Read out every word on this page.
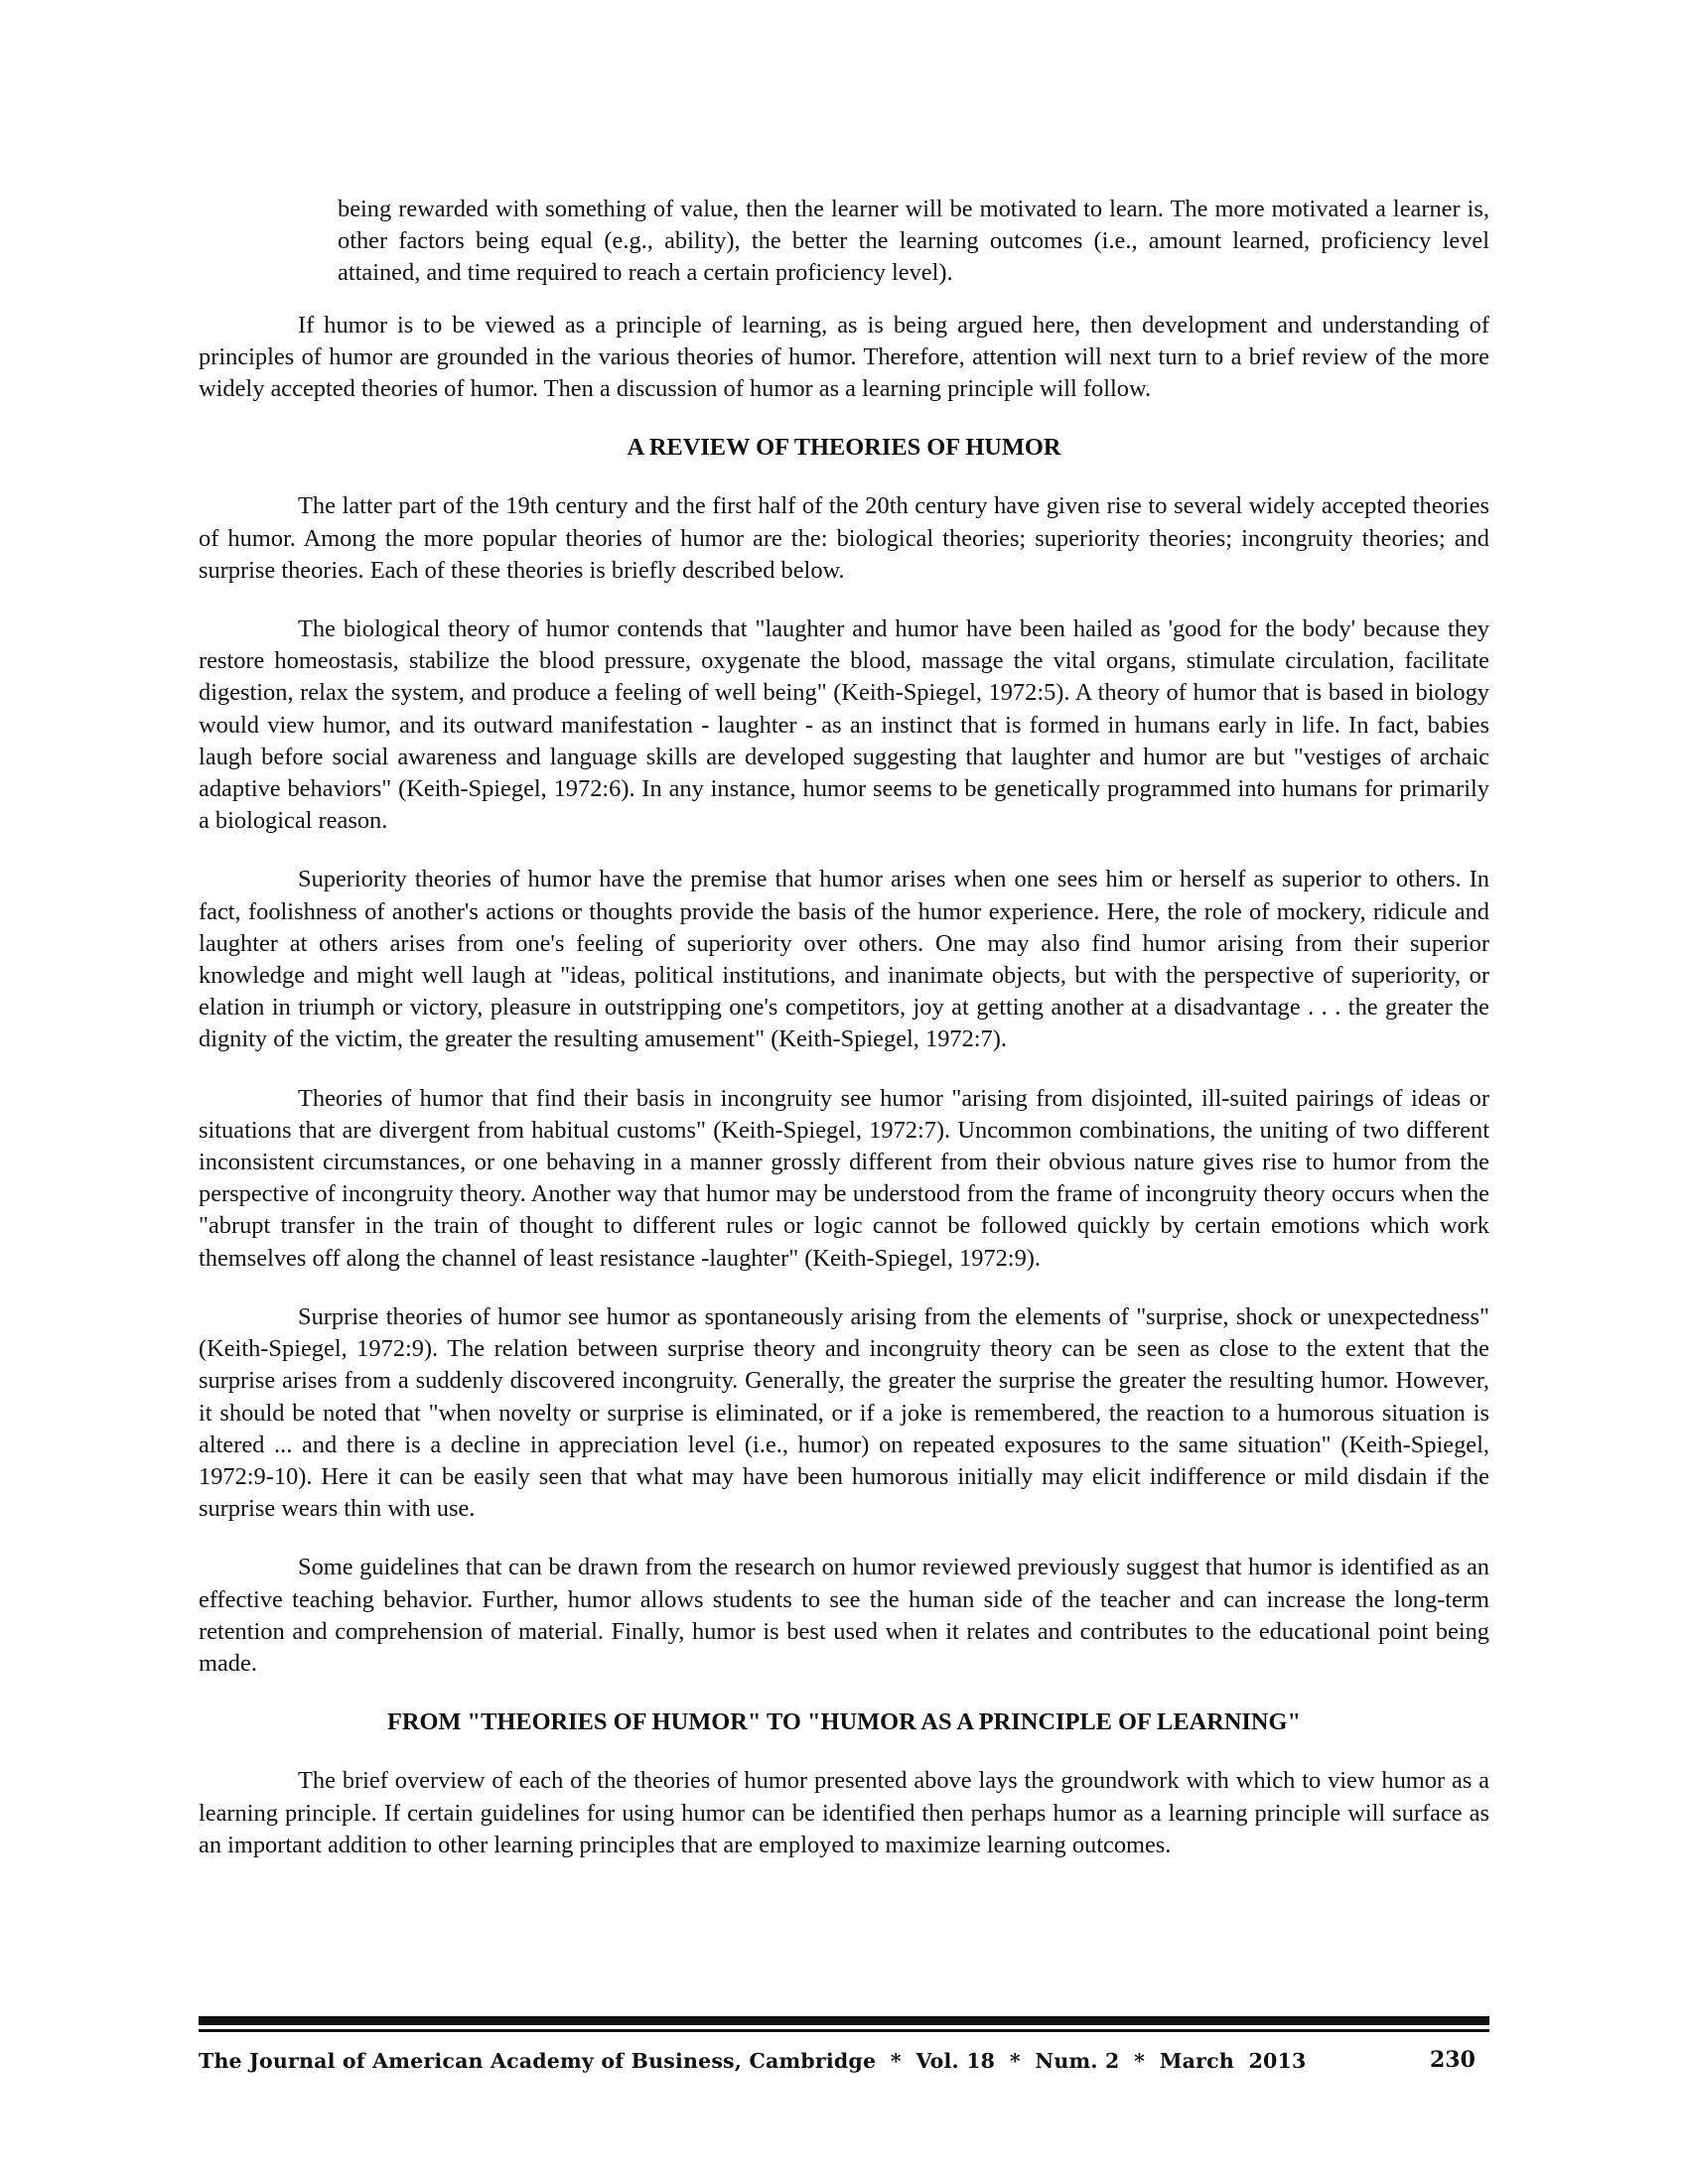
being rewarded with something of value, then the learner will be motivated to learn. The more motivated a learner is, other factors being equal (e.g., ability), the better the learning outcomes (i.e., amount learned, proficiency level attained, and time required to reach a certain proficiency level).

If humor is to be viewed as a principle of learning, as is being argued here, then development and understanding of principles of humor are grounded in the various theories of humor. Therefore, attention will next turn to a brief review of the more widely accepted theories of humor. Then a discussion of humor as a learning principle will follow.

A REVIEW OF THEORIES OF HUMOR

The latter part of the 19th century and the first half of the 20th century have given rise to several widely accepted theories of humor. Among the more popular theories of humor are the: biological theories; superiority theories; incongruity theories; and surprise theories. Each of these theories is briefly described below.

The biological theory of humor contends that "laughter and humor have been hailed as 'good for the body' because they restore homeostasis, stabilize the blood pressure, oxygenate the blood, massage the vital organs, stimulate circulation, facilitate digestion, relax the system, and produce a feeling of well being" (Keith-Spiegel, 1972:5). A theory of humor that is based in biology would view humor, and its outward manifestation - laughter - as an instinct that is formed in humans early in life. In fact, babies laugh before social awareness and language skills are developed suggesting that laughter and humor are but "vestiges of archaic adaptive behaviors" (Keith-Spiegel, 1972:6). In any instance, humor seems to be genetically programmed into humans for primarily a biological reason.

Superiority theories of humor have the premise that humor arises when one sees him or herself as superior to others. In fact, foolishness of another's actions or thoughts provide the basis of the humor experience. Here, the role of mockery, ridicule and laughter at others arises from one's feeling of superiority over others. One may also find humor arising from their superior knowledge and might well laugh at "ideas, political institutions, and inanimate objects, but with the perspective of superiority, or elation in triumph or victory, pleasure in outstripping one's competitors, joy at getting another at a disadvantage . . . the greater the dignity of the victim, the greater the resulting amusement" (Keith-Spiegel, 1972:7).

Theories of humor that find their basis in incongruity see humor "arising from disjointed, ill-suited pairings of ideas or situations that are divergent from habitual customs" (Keith-Spiegel, 1972:7). Uncommon combinations, the uniting of two different inconsistent circumstances, or one behaving in a manner grossly different from their obvious nature gives rise to humor from the perspective of incongruity theory. Another way that humor may be understood from the frame of incongruity theory occurs when the "abrupt transfer in the train of thought to different rules or logic cannot be followed quickly by certain emotions which work themselves off along the channel of least resistance -laughter" (Keith-Spiegel, 1972:9).

Surprise theories of humor see humor as spontaneously arising from the elements of "surprise, shock or unexpectedness" (Keith-Spiegel, 1972:9). The relation between surprise theory and incongruity theory can be seen as close to the extent that the surprise arises from a suddenly discovered incongruity. Generally, the greater the surprise the greater the resulting humor. However, it should be noted that "when novelty or surprise is eliminated, or if a joke is remembered, the reaction to a humorous situation is altered ... and there is a decline in appreciation level (i.e., humor) on repeated exposures to the same situation" (Keith-Spiegel, 1972:9-10). Here it can be easily seen that what may have been humorous initially may elicit indifference or mild disdain if the surprise wears thin with use.

Some guidelines that can be drawn from the research on humor reviewed previously suggest that humor is identified as an effective teaching behavior. Further, humor allows students to see the human side of the teacher and can increase the long-term retention and comprehension of material. Finally, humor is best used when it relates and contributes to the educational point being made.

FROM "THEORIES OF HUMOR" TO "HUMOR AS A PRINCIPLE OF LEARNING"

The brief overview of each of the theories of humor presented above lays the groundwork with which to view humor as a learning principle. If certain guidelines for using humor can be identified then perhaps humor as a learning principle will surface as an important addition to other learning principles that are employed to maximize learning outcomes.

The Journal of American Academy of Business, Cambridge  *  Vol. 18  *  Num. 2  *  March  2013	230
